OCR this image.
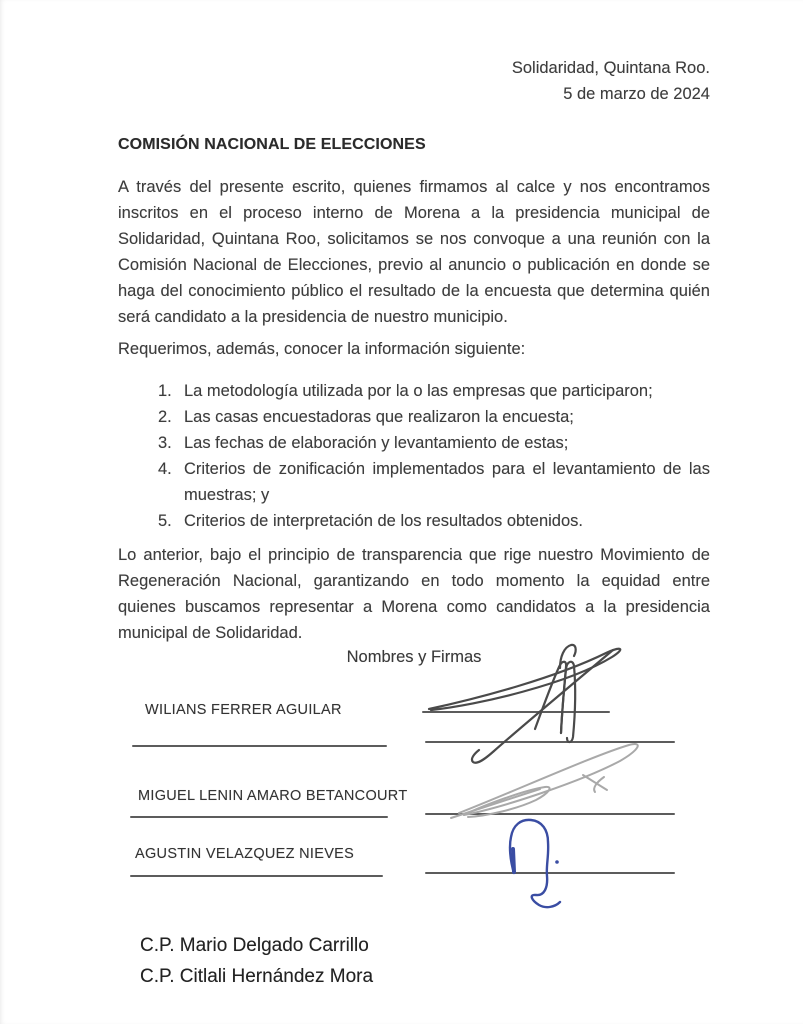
Solidaridad, Quintana Roo.
5 de marzo de 2024
COMISIÓN NACIONAL DE ELECCIONES

A través del presente escrito, quienes firmamos al calce y nos encontramos inscritos en el proceso interno de Morena a la presidencia municipal de Solidaridad, Quintana Roo, solicitamos se nos convoque a una reunión con la Comisión Nacional de Elecciones, previo al anuncio o publicación en donde se haga del conocimiento público el resultado de la encuesta que determina quién será candidato a la presidencia de nuestro municipio.

Requerimos, además, conocer la información siguiente:

1. La metodología utilizada por la o las empresas que participaron;
2. Las casas encuestadoras que realizaron la encuesta;
3. Las fechas de elaboración y levantamiento de estas;
4. Criterios de zonificación implementados para el levantamiento de las muestras; y
5. Criterios de interpretación de los resultados obtenidos.

Lo anterior, bajo el principio de transparencia que rige nuestro Movimiento de Regeneración Nacional, garantizando en todo momento la equidad entre quienes buscamos representar a Morena como candidatos a la presidencia municipal de Solidaridad.

Nombres y Firmas
WILIANS FERRER AGUILAR
MIGUEL LENIN AMARO BETANCOURT
AGUSTIN VELAZQUEZ NIEVES
C.P. Mario Delgado Carrillo
C.P. Citlali Hernández Mora
